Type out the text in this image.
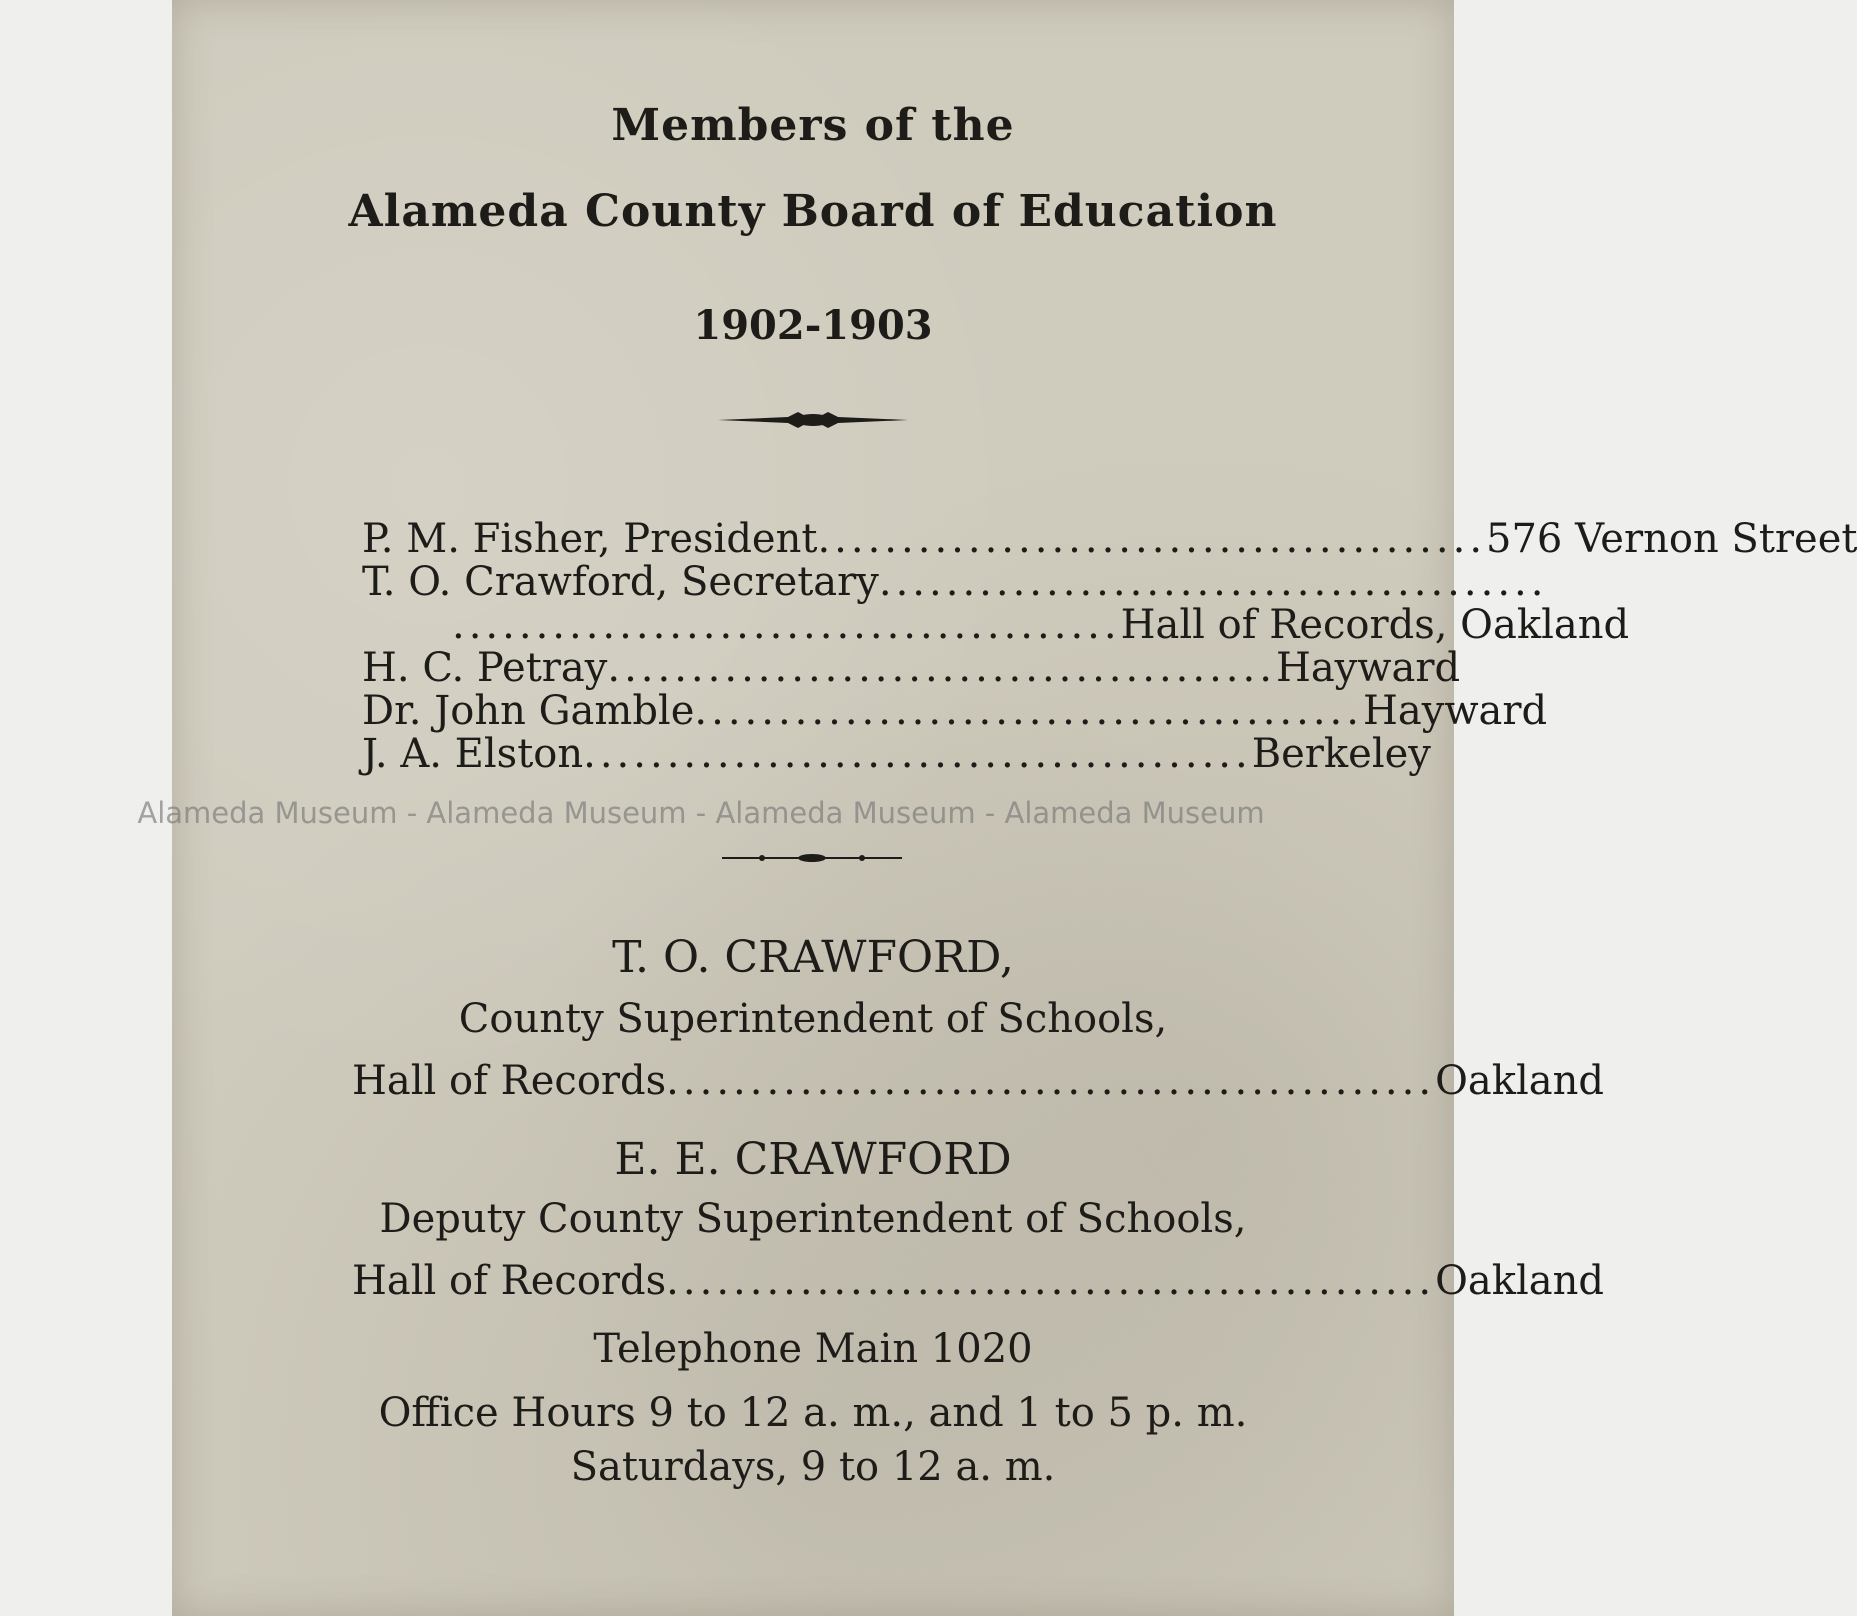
Members of the
Alameda County Board of Education
1902-1903
P. M. Fisher, President ........................................ 576 Vernon Street
T. O. Crawford, Secretary ........................................
........................................ Hall of Records, Oakland
H. C. Petray ........................................ Hayward
Dr. John Gamble ........................................ Hayward
J. A. Elston ........................................ Berkeley
T. O. CRAWFORD,
County Superintendent of Schools,
Hall of Records .............................................. Oakland
E. E. CRAWFORD
Deputy County Superintendent of Schools,
Hall of Records .............................................. Oakland
Telephone Main 1020
Office Hours 9 to 12 a. m., and 1 to 5 p. m.
Saturdays, 9 to 12 a. m.
Alameda Museum - Alameda Museum - Alameda Museum - Alameda Museum
